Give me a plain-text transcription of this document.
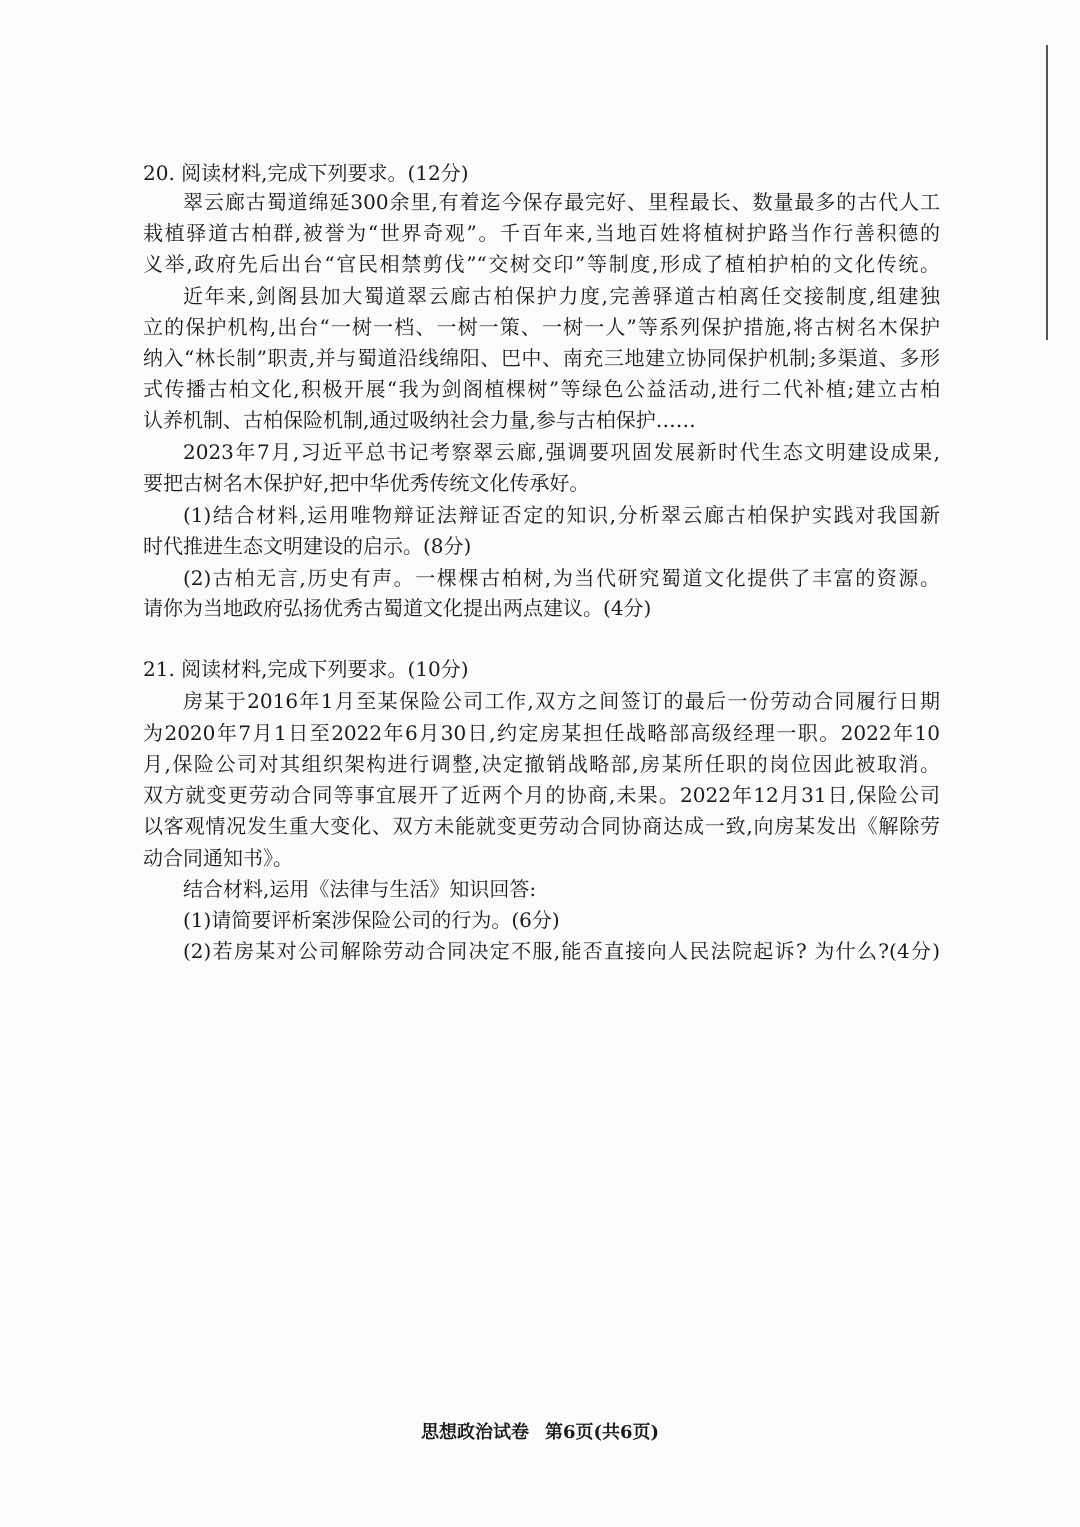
20. 阅读材料,完成下列要求。(12分)
翠云廊古蜀道绵延300余里,有着迄今保存最完好、里程最长、数量最多的古代人工
栽植驿道古柏群,被誉为“世界奇观”。千百年来,当地百姓将植树护路当作行善积德的
义举,政府先后出台“官民相禁剪伐”“交树交印”等制度,形成了植柏护柏的文化传统。
近年来,剑阁县加大蜀道翠云廊古柏保护力度,完善驿道古柏离任交接制度,组建独
立的保护机构,出台“一树一档、一树一策、一树一人”等系列保护措施,将古树名木保护
纳入“林长制”职责,并与蜀道沿线绵阳、巴中、南充三地建立协同保护机制;多渠道、多形
式传播古柏文化,积极开展“我为剑阁植棵树”等绿色公益活动,进行二代补植;建立古柏
认养机制、古柏保险机制,通过吸纳社会力量,参与古柏保护……
2023年7月,习近平总书记考察翠云廊,强调要巩固发展新时代生态文明建设成果,
要把古树名木保护好,把中华优秀传统文化传承好。
(1)结合材料,运用唯物辩证法辩证否定的知识,分析翠云廊古柏保护实践对我国新
时代推进生态文明建设的启示。(8分)
(2)古柏无言,历史有声。一棵棵古柏树,为当代研究蜀道文化提供了丰富的资源。
请你为当地政府弘扬优秀古蜀道文化提出两点建议。(4分)
21. 阅读材料,完成下列要求。(10分)
房某于2016年1月至某保险公司工作,双方之间签订的最后一份劳动合同履行日期
为2020年7月1日至2022年6月30日,约定房某担任战略部高级经理一职。2022年10
月,保险公司对其组织架构进行调整,决定撤销战略部,房某所任职的岗位因此被取消。
双方就变更劳动合同等事宜展开了近两个月的协商,未果。2022年12月31日,保险公司
以客观情况发生重大变化、双方未能就变更劳动合同协商达成一致,向房某发出《解除劳
动合同通知书》。
结合材料,运用《法律与生活》知识回答:
(1)请简要评析案涉保险公司的行为。(6分)
(2)若房某对公司解除劳动合同决定不服,能否直接向人民法院起诉? 为什么?(4分)
思想政治试卷 第6页(共6页)
